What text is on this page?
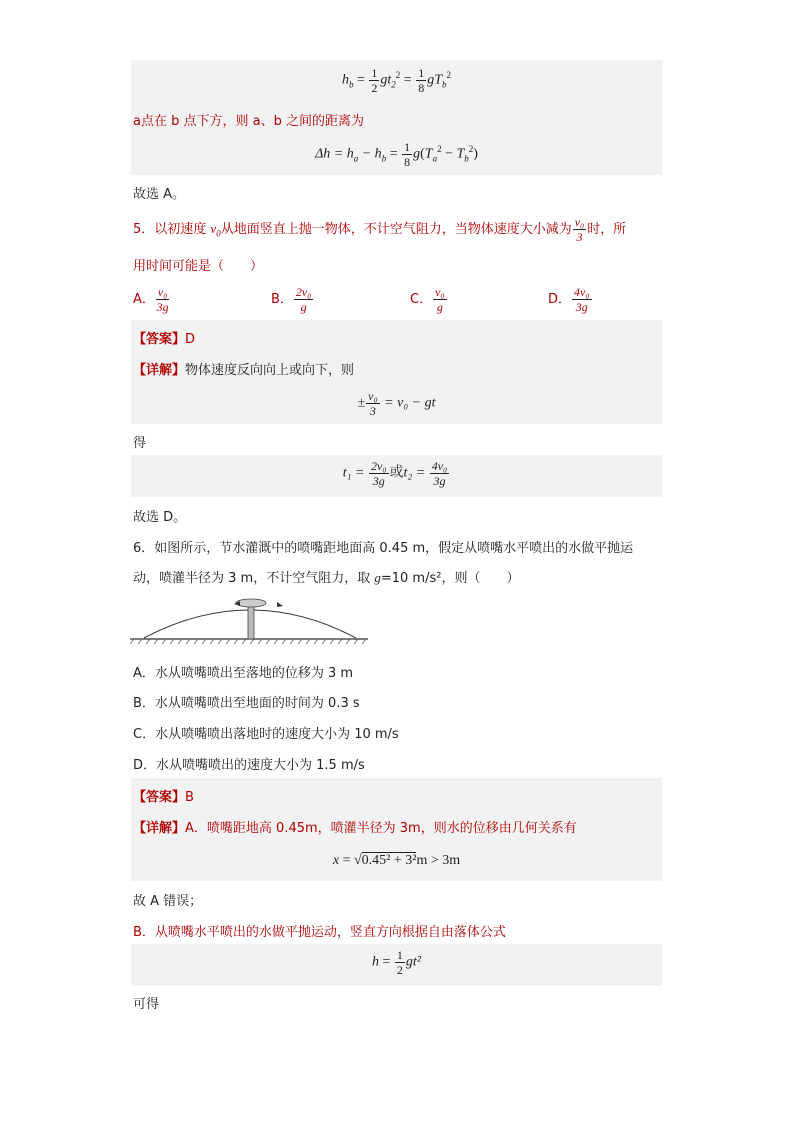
$h_b = \frac{1}{2} gt_2^2 = \frac{1}{8} gT_b^2$
a点在 b 点下方，则 a、b 之间的距离为
$\Delta h = h_a - h_b = \frac{1}{8} g(T_a^2 - T_b^2)$
故选 A。
5．以初速度 $v_0$从地面竖直上抛一物体，不计空气阻力，当物体速度大小减为 $\frac{\text{v₀}}{3}$ 时，所
用时间可能是（　　）
A． $\frac{\text{v₀}}{3g}$	B． $\frac{\text{2v₀}}{g}$	C． $\frac{\text{v₀}}{g}$	D． $\frac{\text{4v₀}}{3g}$
【答案】D
【详解】物体速度反向向上或向下，则
± $\frac{\text{v₀}}{3} = v_0$ − gt
得
$t_1 = \frac{\text{2v₀}}{3g}$ 或$t_2 = \frac{\text{4v₀}}{3g}$
故选 D。
6．如图所示，节水灌溉中的喷嘴距地面高 0.45 m，假定从喷嘴水平喷出的水做平抛运
动，喷灌半径为 3 m，不计空气阻力，取 g=10 m/s²，则（　　）
A．水从喷嘴喷出至落地的位移为 3 m
B．水从喷嘴喷出至地面的时间为 0.3 s
C．水从喷嘴喷出落地时的速度大小为 10 m/s
D．水从喷嘴喷出的速度大小为 1.5 m/s
【答案】B
【详解】A．喷嘴距地高 0.45m，喷灌半径为 3m，则水的位移由几何关系有
x = √0.45² + 3²m > 3m
故 A 错误；
B．从喷嘴水平喷出的水做平抛运动，竖直方向根据自由落体公式
$h = \frac{1}{2} gt^2$
可得
